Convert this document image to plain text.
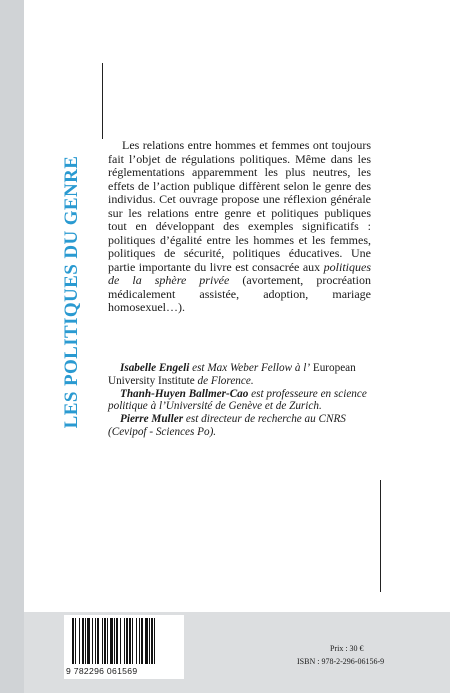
LES POLITIQUES DU GENRE

Les relations entre hommes et femmes ont toujours fait l’objet de régulations politiques. Même dans les réglementations apparemment les plus neutres, les effets de l’action publique diffèrent selon le genre des individus. Cet ouvrage propose une réflexion générale sur les relations entre genre et politiques publiques tout en développant des exemples significatifs : politiques d’égalité entre les hommes et les femmes, politiques de sécurité, politiques éducatives. Une partie importante du livre est consacrée aux politiques de la sphère privée (avortement, procréation médicalement assistée, adoption, mariage homosexuel…).

Isabelle Engeli est Max Weber Fellow à l’ European University Institute de Florence.

Thanh-Huyen Ballmer-Cao est professeure en science politique à l’Université de Genève et de Zurich.

Pierre Muller est directeur de recherche au CNRS (Cevipof - Sciences Po).

9 782296 061569
Prix : 30 €
ISBN : 978-2-296-06156-9
